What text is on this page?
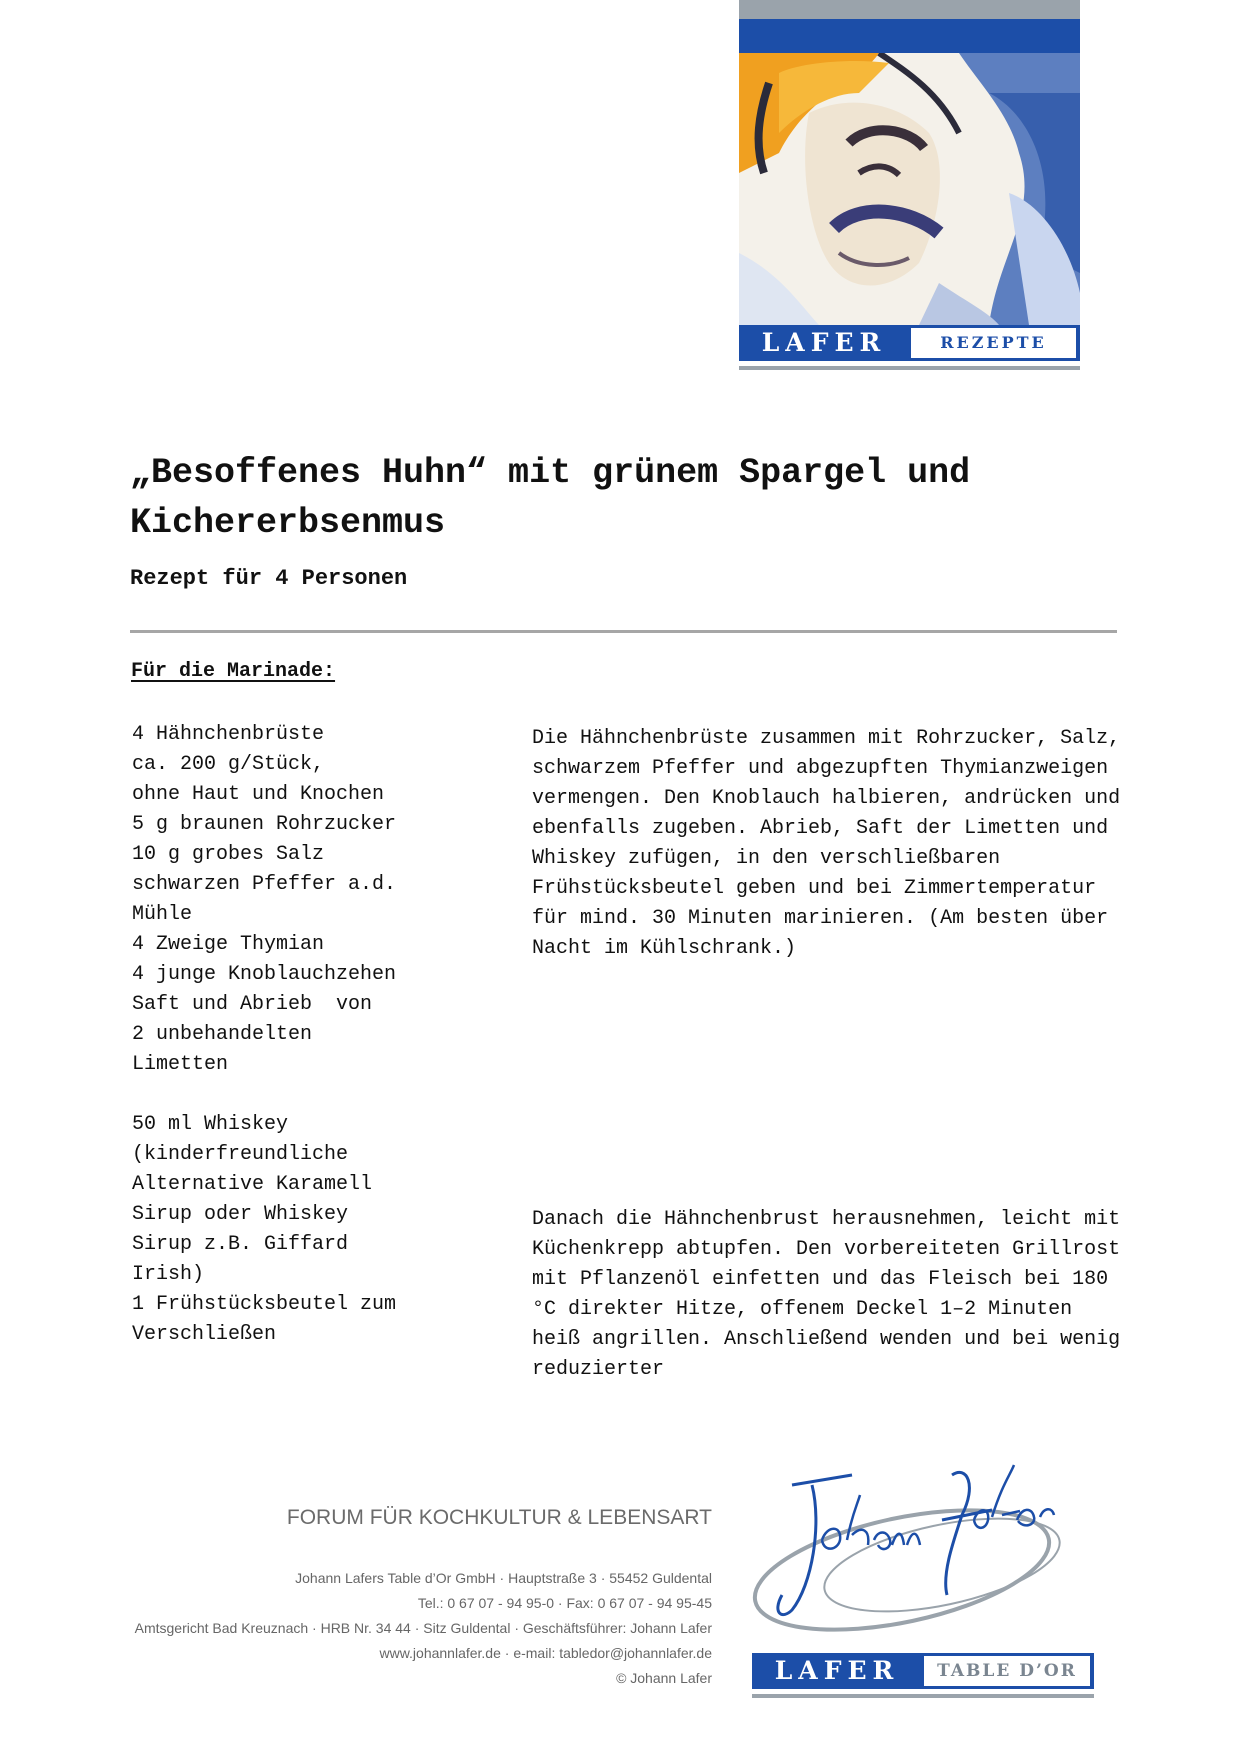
LAFER	REZEPTE
„Besoffenes Huhn“ mit grünem Spargel und
Kichererbsenmus

Rezept für 4 Personen

Für die Marinade:

4 Hähnchenbrüste
ca. 200 g/Stück,
ohne Haut und Knochen
5 g braunen Rohrzucker
10 g grobes Salz
schwarzen Pfeffer a.d.
Mühle
4 Zweige Thymian
4 junge Knoblauchzehen
Saft und Abrieb  von
2 unbehandelten
Limetten
50 ml Whiskey
(kinderfreundliche
Alternative Karamell
Sirup oder Whiskey
Sirup z.B. Giffard
Irish)
1 Frühstücksbeutel zum
Verschließen

Die Hähnchenbrüste zusammen mit Rohrzucker, Salz, schwarzem Pfeffer und abgezupften Thymianzweigen vermengen. Den Knoblauch halbieren, andrücken und ebenfalls zugeben. Abrieb, Saft der Limetten und Whiskey zufügen, in den verschließbaren Frühstücksbeutel geben und bei Zimmertemperatur für mind. 30 Minuten marinieren. (Am besten über Nacht im Kühlschrank.)

Danach die Hähnchenbrust herausnehmen, leicht mit Küchenkrepp abtupfen. Den vorbereiteten Grillrost mit Pflanzenöl einfetten und das Fleisch bei 180 °C direkter Hitze, offenem Deckel 1–2 Minuten heiß angrillen. Anschließend wenden und bei wenig reduzierter

FORUM FÜR KOCHKULTUR & LEBENSART
Johann Lafers Table d’Or GmbH · Hauptstraße 3 · 55452 Guldental
Tel.: 0 67 07 - 94 95-0 · Fax: 0 67 07 - 94 95-45
Amtsgericht Bad Kreuznach · HRB Nr. 34 44 · Sitz Guldental · Geschäftsführer: Johann Lafer
www.johannlafer.de · e-mail: tabledor@johannlafer.de
© Johann Lafer	LAFER	TABLE D’OR
